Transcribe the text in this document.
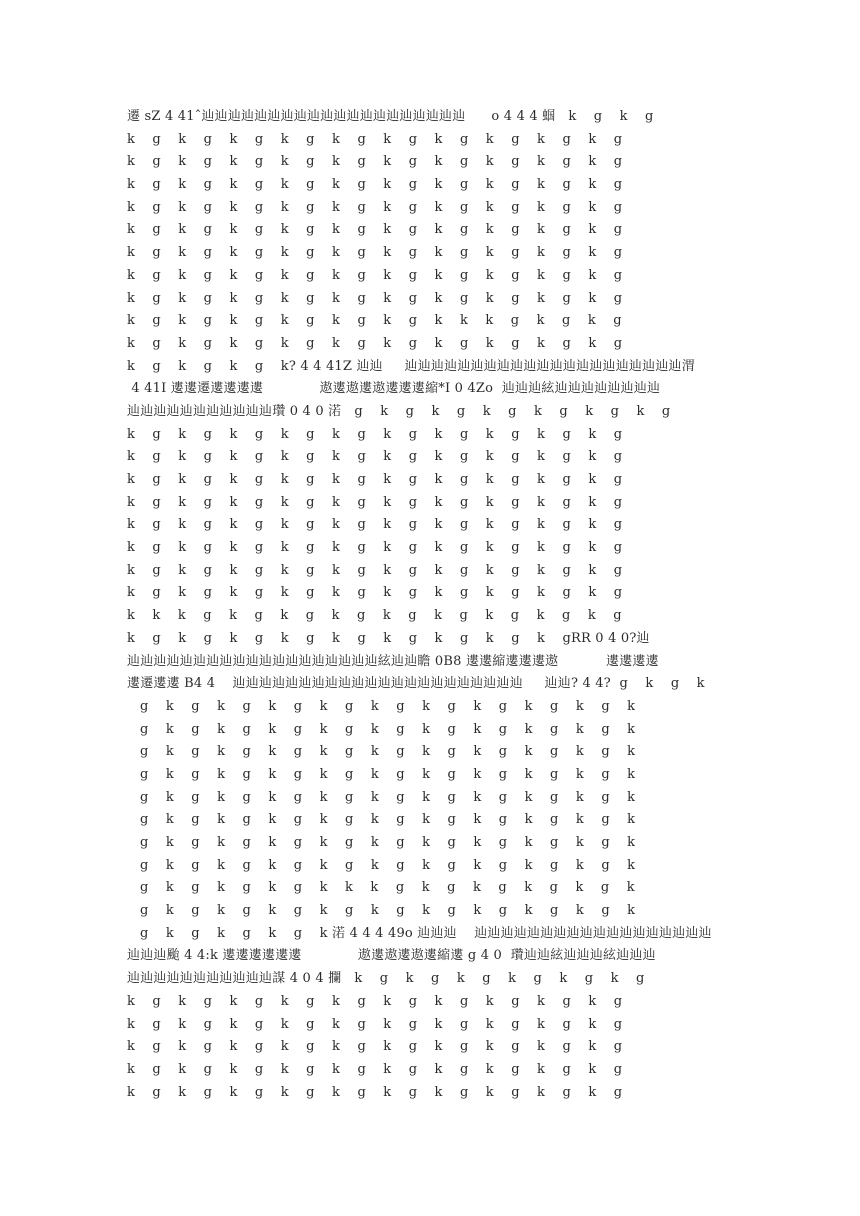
遷 sZ 4 41ˆ辿辿辿辿辿辿辿辿辿辿辿辿辿辿辿辿辿辿辿辿      o 4 4 4 蝈   k    g    k    g
k    g    k    g    k    g    k    g    k    g    k    g    k    g    k    g    k    g    k    g
k    g    k    g    k    g    k    g    k    g    k    g    k    g    k    g    k    g    k    g
k    g    k    g    k    g    k    g    k    g    k    g    k    g    k    g    k    g    k    g
k    g    k    g    k    g    k    g    k    g    k    g    k    g    k    g    k    g    k    g
k    g    k    g    k    g    k    g    k    g    k    g    k    g    k    g    k    g    k    g
k    g    k    g    k    g    k    g    k    g    k    g    k    g    k    g    k    g    k    g
k    g    k    g    k    g    k    g    k    g    k    g    k    g    k    g    k    g    k    g
k    g    k    g    k    g    k    g    k    g    k    g    k    g    k    g    k    g    k    g
k    g    k    g    k    g    k    g    k    g    k    g    k    k    k    g    k    g    k    g
k    g    k    g    k    g    k    g    k    g    k    g    k    g    k    g    k    g    k    g
k    g    k    g    k    g    k? 4 4 41Z 辿辿     辿辿辿辿辿辿辿辿辿辿辿辿辿辿辿辿辿辿辿辿辿渭
4 41I 遱遱遷遱遱遱遱             遨遱遨遱遨遱遱遱縮*I 0 4Zo  辿辿辿絃辿辿辿辿辿辿辿辿
辿辿辿辿辿辿辿辿辿辿辿瓚 0 4 0 渃   g    k    g    k    g    k    g    k    g    k    g    k    g
k    g    k    g    k    g    k    g    k    g    k    g    k    g    k    g    k    g    k    g
k    g    k    g    k    g    k    g    k    g    k    g    k    g    k    g    k    g    k    g
k    g    k    g    k    g    k    g    k    g    k    g    k    g    k    g    k    g    k    g
k    g    k    g    k    g    k    g    k    g    k    g    k    g    k    g    k    g    k    g
k    g    k    g    k    g    k    g    k    g    k    g    k    g    k    g    k    g    k    g
k    g    k    g    k    g    k    g    k    g    k    g    k    g    k    g    k    g    k    g
k    g    k    g    k    g    k    g    k    g    k    g    k    g    k    g    k    g    k    g
k    g    k    g    k    g    k    g    k    g    k    g    k    g    k    g    k    g    k    g
k    k    k    g    k    g    k    g    k    g    k    g    k    g    k    g    k    g    k    g
k    g    k    g    k    g    k    g    k    g    k    g    k    g    k    g    k    gRR 0 4 0?辿
辿辿辿辿辿辿辿辿辿辿辿辿辿辿辿辿辿辿辿絃辿辿瞻 0B8 遱遱縮遱遱遱遨           遱遱遱遱
遱遷遱遱 B4 4    辿辿辿辿辿辿辿辿辿辿辿辿辿辿辿辿辿辿辿辿辿辿     辿辿? 4 4?  g    k    g    k
g    k    g    k    g    k    g    k    g    k    g    k    g    k    g    k    g    k    g    k
g    k    g    k    g    k    g    k    g    k    g    k    g    k    g    k    g    k    g    k
g    k    g    k    g    k    g    k    g    k    g    k    g    k    g    k    g    k    g    k
g    k    g    k    g    k    g    k    g    k    g    k    g    k    g    k    g    k    g    k
g    k    g    k    g    k    g    k    g    k    g    k    g    k    g    k    g    k    g    k
g    k    g    k    g    k    g    k    g    k    g    k    g    k    g    k    g    k    g    k
g    k    g    k    g    k    g    k    g    k    g    k    g    k    g    k    g    k    g    k
g    k    g    k    g    k    g    k    g    k    g    k    g    k    g    k    g    k    g    k
g    k    g    k    g    k    g    k    k    k    g    k    g    k    g    k    g    k    g    k
g    k    g    k    g    k    g    k    g    k    g    k    g    k    g    k    g    k    g    k
g    k    g    k    g    k    g    k 渃 4 4 4 49o 辿辿辿    辿辿辿辿辿辿辿辿辿辿辿辿辿辿辿辿辿辿
辿辿辿颱 4 4:k 遱遱遱遱遱遱             遨遱遨遱遨遱縮遱 g 4 0  瓚辿辿絃辿辿辿絃辿辿辿
辿辿辿辿辿辿辿辿辿辿辿謀 4 0 4 攔   k    g    k    g    k    g    k    g    k    g    k    g
k    g    k    g    k    g    k    g    k    g    k    g    k    g    k    g    k    g    k    g
k    g    k    g    k    g    k    g    k    g    k    g    k    g    k    g    k    g    k    g
k    g    k    g    k    g    k    g    k    g    k    g    k    g    k    g    k    g    k    g
k    g    k    g    k    g    k    g    k    g    k    g    k    g    k    g    k    g    k    g
k    g    k    g    k    g    k    g    k    g    k    g    k    g    k    g    k    g    k    g
